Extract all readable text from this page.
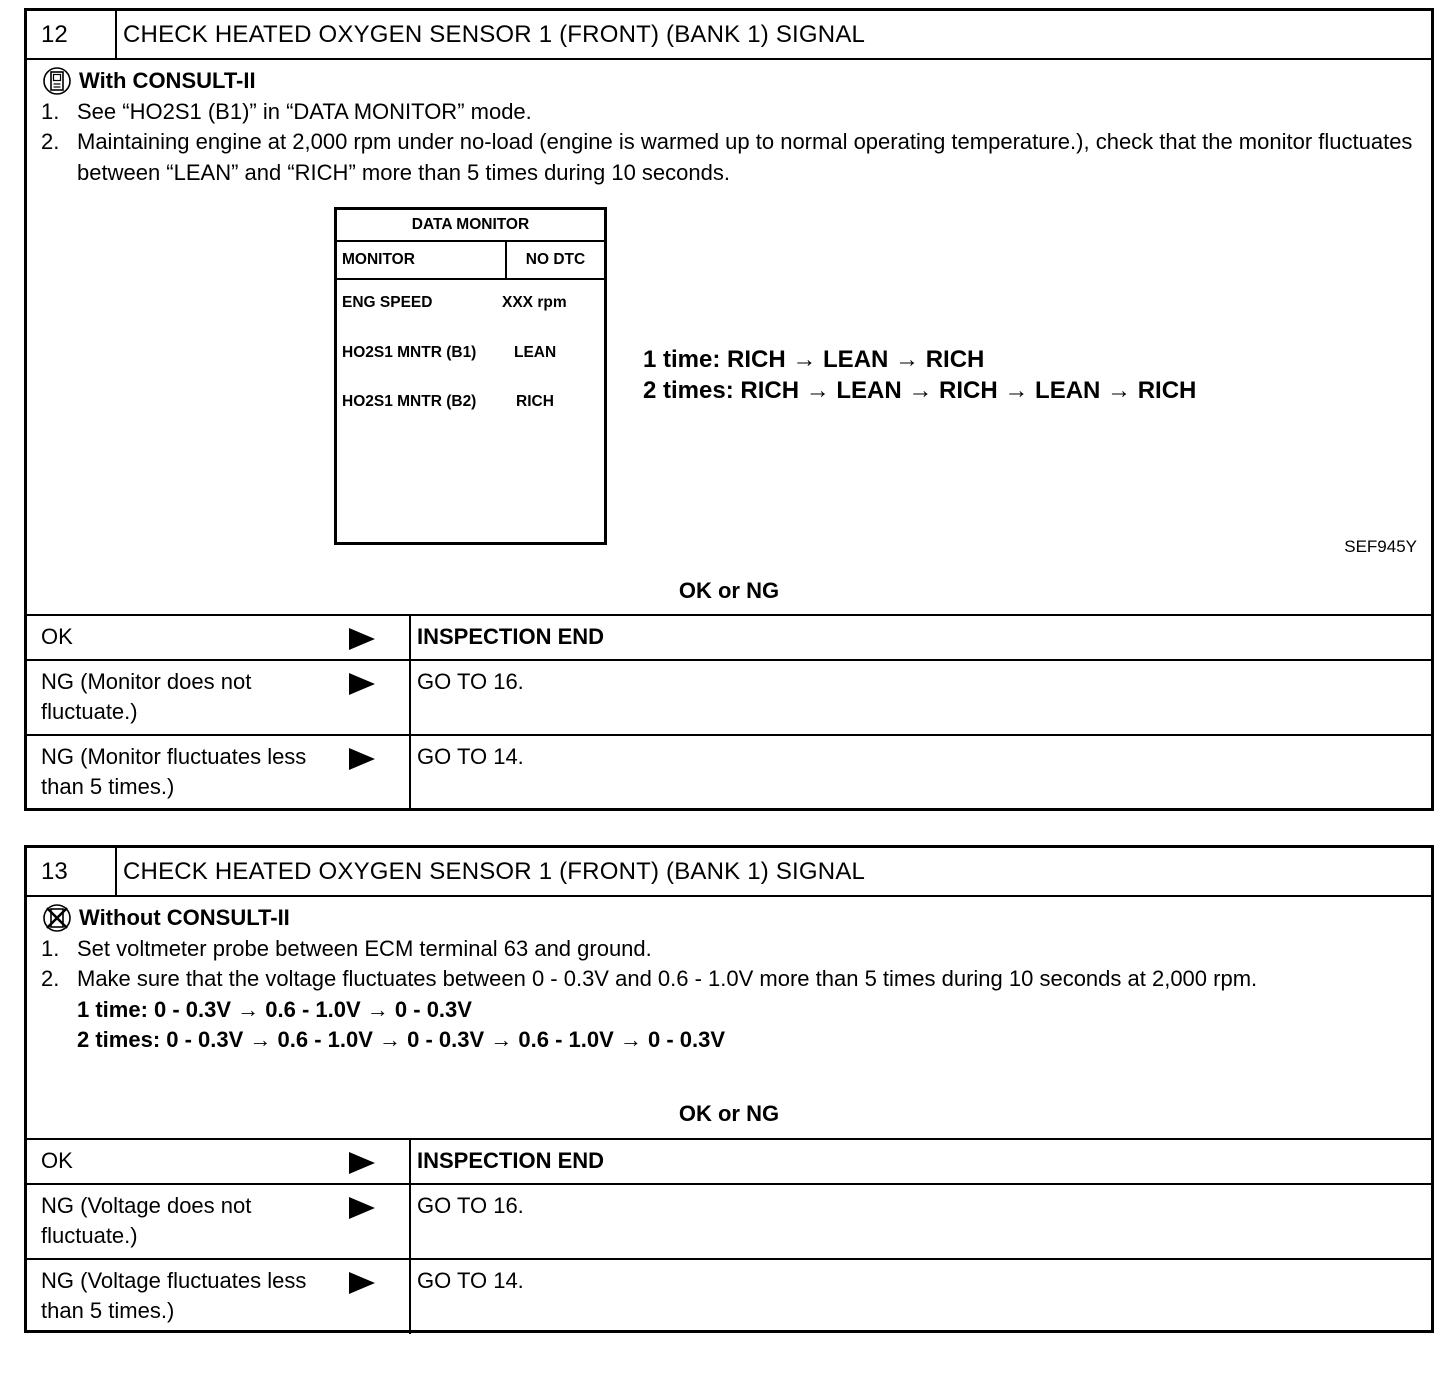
12	CHECK HEATED OXYGEN SENSOR 1 (FRONT) (BANK 1) SIGNAL
With CONSULT-II
1. See “HO2S1 (B1)” in “DATA MONITOR” mode.
2. Maintaining engine at 2,000 rpm under no-load (engine is warmed up to normal operating temperature.), check that the monitor fluctuates between “LEAN” and “RICH” more than 5 times during 10 seconds.
DATA MONITOR
MONITOR	NO DTC
ENG SPEED	XXX rpm
HO2S1 MNTR (B1) LEAN
HO2S1 MNTR (B2)	RICH
1 time: RICH → LEAN → RICH
2 times: RICH → LEAN → RICH → LEAN → RICH
SEF945Y
OK or NG
OK	INSPECTION END

NG (Monitor does not fluctuate.)	GO TO 16.

NG (Monitor fluctuates less than 5 times.)	GO TO 14.
13	CHECK HEATED OXYGEN SENSOR 1 (FRONT) (BANK 1) SIGNAL
Without CONSULT-II
1. Set voltmeter probe between ECM terminal 63 and ground.
2. Make sure that the voltage fluctuates between 0 - 0.3V and 0.6 - 1.0V more than 5 times during 10 seconds at 2,000 rpm.
1 time: 0 - 0.3V → 0.6 - 1.0V → 0 - 0.3V
2 times: 0 - 0.3V → 0.6 - 1.0V → 0 - 0.3V → 0.6 - 1.0V → 0 - 0.3V
OK or NG
OK	INSPECTION END

NG (Voltage does not fluctuate.)	GO TO 16.

NG (Voltage fluctuates less than 5 times.)	GO TO 14.
